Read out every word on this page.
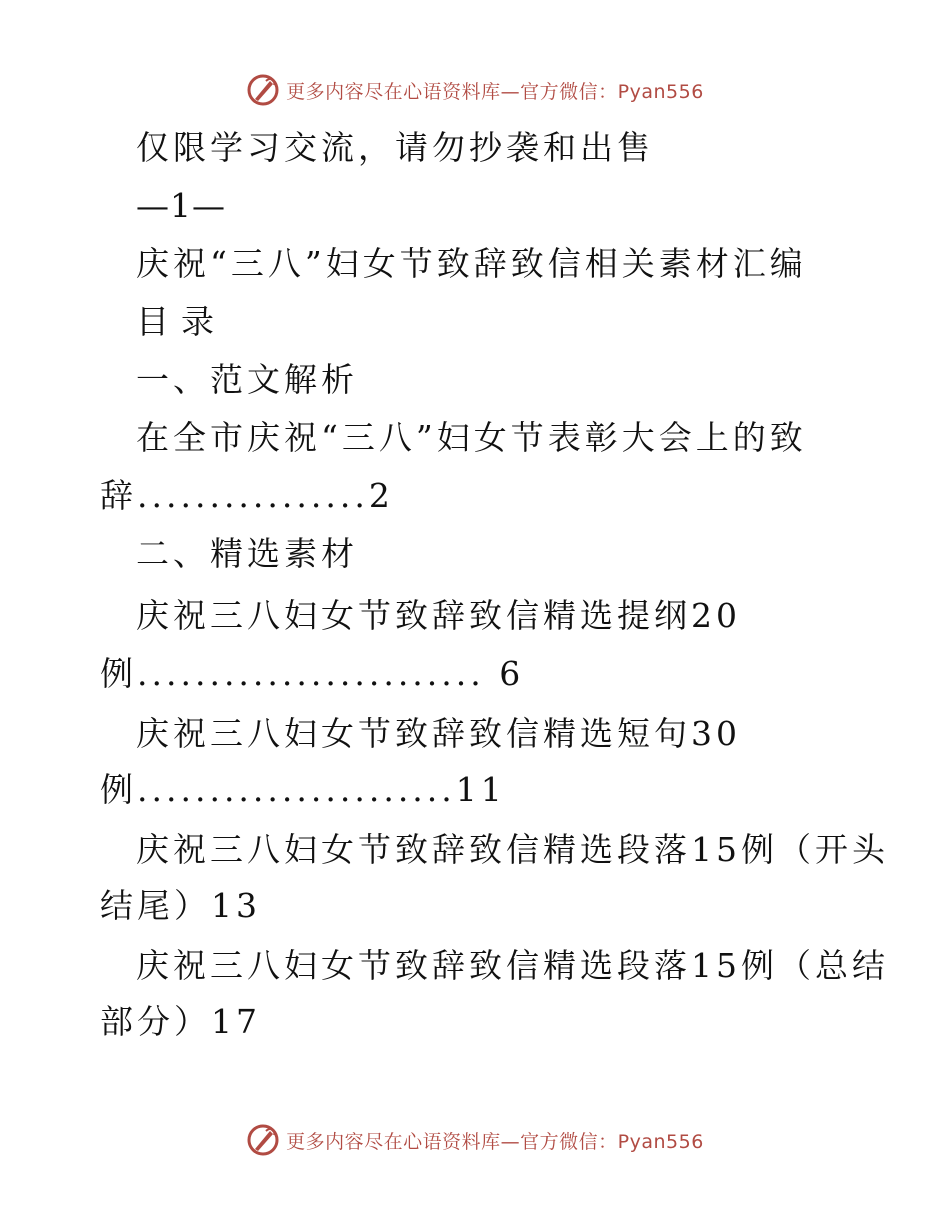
更多内容尽在心语资料库—官方微信：Pyan556
仅限学习交流，请勿抄袭和出售
—1—
庆祝“三八”妇女节致辞致信相关素材汇编
目录
一、范文解析
在全市庆祝“三八”妇女节表彰大会上的致
辞................2
二、精选素材
庆祝三八妇女节致辞致信精选提纲20
例........................ 6
庆祝三八妇女节致辞致信精选短句30
例......................11
庆祝三八妇女节致辞致信精选段落15例（开头
结尾）13
庆祝三八妇女节致辞致信精选段落15例（总结
部分）17
更多内容尽在心语资料库—官方微信：Pyan556
